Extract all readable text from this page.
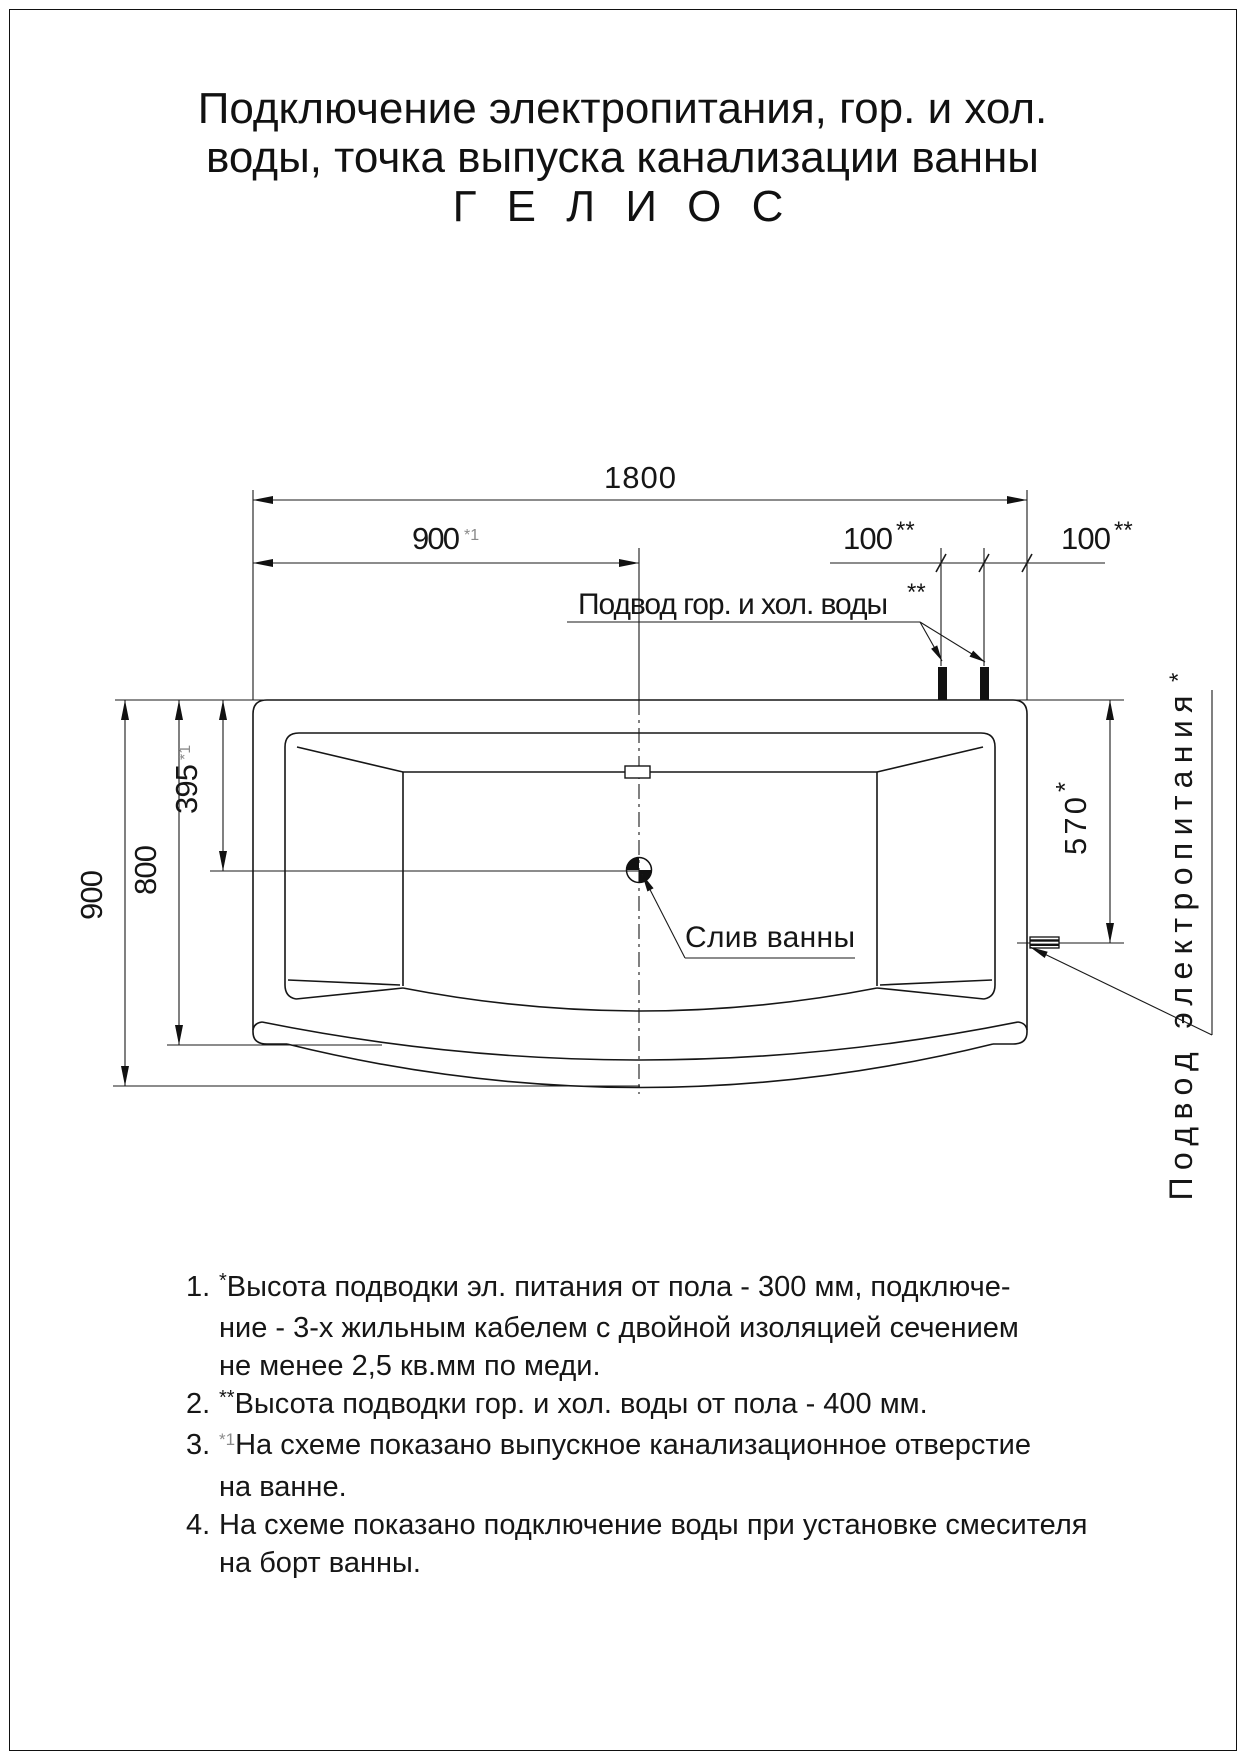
Подключение электропитания, гор. и хол.
воды, точка выпуска канализации ванны
Г Е Л И О С
1800
900 *1	100 **	100 **
900 800
395
*1
570
*
Подвод гор. и хол. воды **
Слив ванны
Подвод электропитания
*
1. *Высота подводки эл. питания от пола - 300 мм, подключе-
ние - 3-х жильным кабелем с двойной изоляцией сечением
не менее 2,5 кв.мм по меди.
2. **Высота подводки гор. и хол. воды от пола - 400 мм.
3. $^{*1}$На схеме показано выпускное канализационное отверстие
на ванне.
4. На схеме показано подключение воды при установке смесителя
на борт ванны.
